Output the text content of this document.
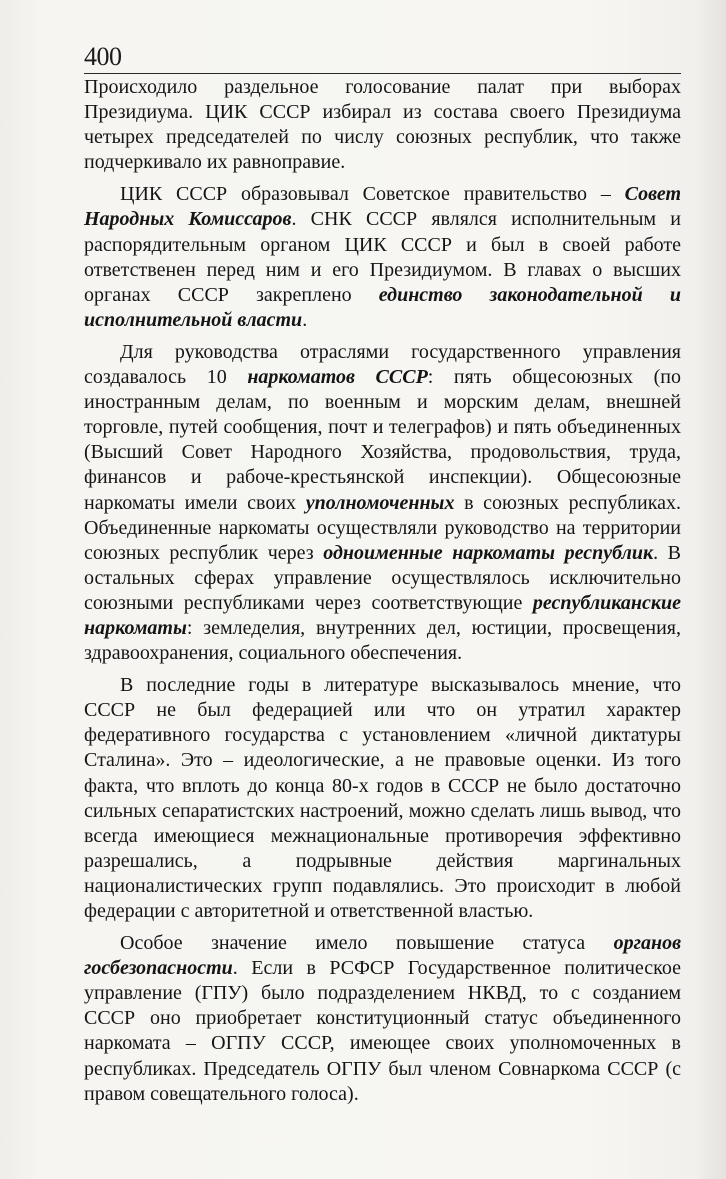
400

Происходило раздельное голосование палат при выборах Президиума. ЦИК СССР избирал из состава своего Президиума четырех председателей по числу союзных республик, что также подчеркивало их равноправие.

ЦИК СССР образовывал Советское правительство – Совет Народных Комиссаров. СНК СССР являлся исполнительным и распорядительным органом ЦИК СССР и был в своей работе ответственен перед ним и его Президиумом. В главах о высших органах СССР закреплено единство законодательной и исполнительной власти.

Для руководства отраслями государственного управления создавалось 10 наркоматов СССР: пять общесоюзных (по иностранным делам, по военным и морским делам, внешней торговле, путей сообщения, почт и телеграфов) и пять объединенных (Высший Совет Народного Хозяйства, продовольствия, труда, финансов и рабоче-крестьянской инспекции). Общесоюзные наркоматы имели своих уполномоченных в союзных республиках. Объединенные наркоматы осуществляли руководство на территории союзных республик через одноименные наркоматы республик. В остальных сферах управление осуществлялось исключительно союзными республиками через соответствующие республиканские наркоматы: земледелия, внутренних дел, юстиции, просвещения, здравоохранения, социального обеспечения.

В последние годы в литературе высказывалось мнение, что СССР не был федерацией или что он утратил характер федеративного государства с установлением «личной диктатуры Сталина». Это – идеологические, а не правовые оценки. Из того факта, что вплоть до конца 80-х годов в СССР не было достаточно сильных сепаратистских настроений, можно сделать лишь вывод, что всегда имеющиеся межнациональные противоречия эффективно разрешались, а подрывные действия маргинальных националистических групп подавлялись. Это происходит в любой федерации с авторитетной и ответственной властью.

Особое значение имело повышение статуса органов госбезопасности. Если в РСФСР Государственное политическое управление (ГПУ) было подразделением НКВД, то с созданием СССР оно приобретает конституционный статус объединенного наркомата – ОГПУ СССР, имеющее своих уполномоченных в республиках. Председатель ОГПУ был членом Совнаркома СССР (с правом совещательного голоса).
